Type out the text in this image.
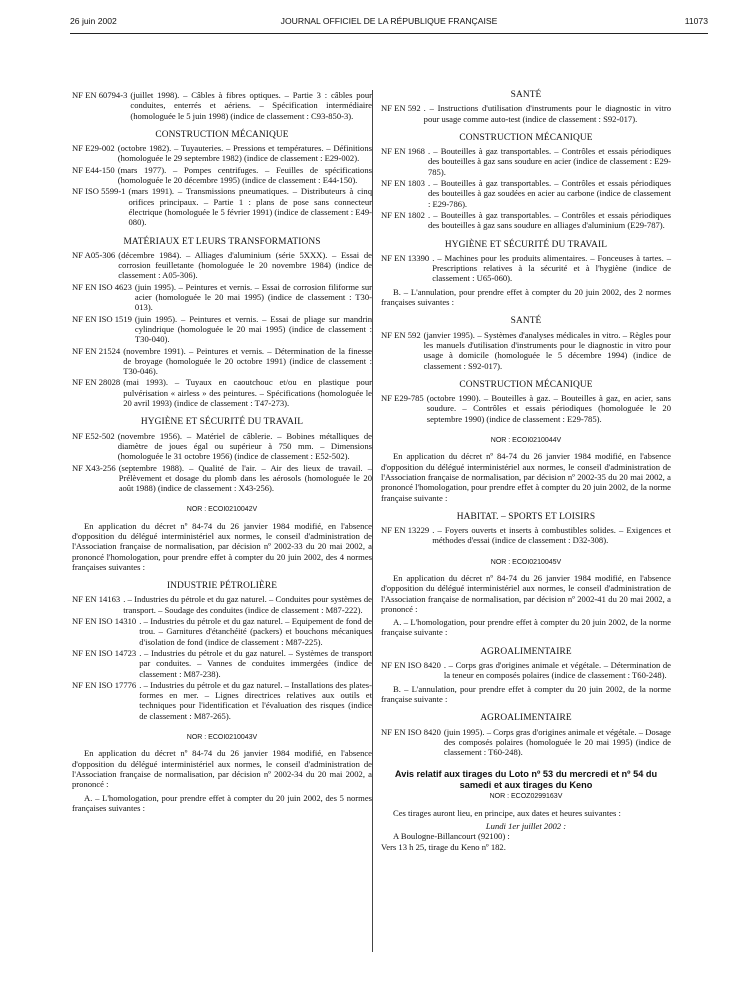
26 juin 2002	JOURNAL OFFICIEL DE LA RÉPUBLIQUE FRANÇAISE	11073
NF EN 60794-3 (juillet 1998). – Câbles à fibres optiques. – Partie 3 : câbles pour conduites, enterrés et aériens. – Spécification intermédiaire (homologuée le 5 juin 1998) (indice de classement : C93-850-3).
CONSTRUCTION MÉCANIQUE
NF E29-002 (octobre 1982). – Tuyauteries. – Pressions et températures. – Définitions (homologuée le 29 septembre 1982) (indice de classement : E29-002).
NF E44-150 (mars 1977). – Pompes centrifuges. – Feuilles de spécifications (homologuée le 20 décembre 1995) (indice de classement : E44-150).
NF ISO 5599-1 (mars 1991). – Transmissions pneumatiques. – Distributeurs à cinq orifices principaux. – Partie 1 : plans de pose sans connecteur électrique (homologuée le 5 février 1991) (indice de classement : E49-080).
MATÉRIAUX ET LEURS TRANSFORMATIONS
NF A05-306 (décembre 1984). – Alliages d'aluminium (série 5XXX). – Essai de corrosion feuilletante (homologuée le 20 novembre 1984) (indice de classement : A05-306).
NF EN ISO 4623 (juin 1995). – Peintures et vernis. – Essai de corrosion filiforme sur acier (homologuée le 20 mai 1995) (indice de classement : T30-013).
NF EN ISO 1519 (juin 1995). – Peintures et vernis. – Essai de pliage sur mandrin cylindrique (homologuée le 20 mai 1995) (indice de classement : T30-040).
NF EN 21524 (novembre 1991). – Peintures et vernis. – Détermination de la finesse de broyage (homologuée le 20 octobre 1991) (indice de classement : T30-046).
NF EN 28028 (mai 1993). – Tuyaux en caoutchouc et/ou en plastique pour pulvérisation « airless » des peintures. – Spécifications (homologuée le 20 avril 1993) (indice de classement : T47-273).
HYGIÈNE ET SÉCURITÉ DU TRAVAIL
NF E52-502 (novembre 1956). – Matériel de câblerie. – Bobines métalliques de diamètre de joues égal ou supérieur à 750 mm. – Dimensions (homologuée le 31 octobre 1956) (indice de classement : E52-502).
NF X43-256 (septembre 1988). – Qualité de l'air. – Air des lieux de travail. – Prélèvement et dosage du plomb dans les aérosols (homologuée le 20 août 1988) (indice de classement : X43-256).
NOR : ECOI0210042V
En application du décret nº 84-74 du 26 janvier 1984 modifié, en l'absence d'opposition du délégué interministériel aux normes, le conseil d'administration de l'Association française de normalisation, par décision nº 2002-33 du 20 mai 2002, a prononcé l'homologation, pour prendre effet à compter du 20 juin 2002, des 4 normes françaises suivantes :
INDUSTRIE PÉTROLIÈRE
NF EN 14163 . – Industries du pétrole et du gaz naturel. – Conduites pour systèmes de transport. – Soudage des conduites (indice de classement : M87-222).
NF EN ISO 14310 . – Industries du pétrole et du gaz naturel. – Equipement de fond de trou. – Garnitures d'étanchéité (packers) et bouchons mécaniques d'isolation de fond (indice de classement : M87-225).
NF EN ISO 14723 . – Industries du pétrole et du gaz naturel. – Systèmes de transport par conduites. – Vannes de conduites immergées (indice de classement : M87-238).
NF EN ISO 17776 . – Industries du pétrole et du gaz naturel. – Installations des plates-formes en mer. – Lignes directrices relatives aux outils et techniques pour l'identification et l'évaluation des risques (indice de classement : M87-265).
NOR : ECOI0210043V
En application du décret nº 84-74 du 26 janvier 1984 modifié, en l'absence d'opposition du délégué interministériel aux normes, le conseil d'administration de l'Association française de normalisation, par décision nº 2002-34 du 20 mai 2002, a prononcé :
A. – L'homologation, pour prendre effet à compter du 20 juin 2002, des 5 normes françaises suivantes :
SANTÉ
NF EN 592 . – Instructions d'utilisation d'instruments pour le diagnostic in vitro pour usage comme auto-test (indice de classement : S92-017).
CONSTRUCTION MÉCANIQUE
NF EN 1968 . – Bouteilles à gaz transportables. – Contrôles et essais périodiques des bouteilles à gaz sans soudure en acier (indice de classement : E29-785).
NF EN 1803 . – Bouteilles à gaz transportables. – Contrôles et essais périodiques des bouteilles à gaz soudées en acier au carbone (indice de classement : E29-786).
NF EN 1802 . – Bouteilles à gaz transportables. – Contrôles et essais périodiques des bouteilles à gaz sans soudure en alliages d'aluminium (E29-787).
HYGIÈNE ET SÉCURITÉ DU TRAVAIL
NF EN 13390 . – Machines pour les produits alimentaires. – Fonceuses à tartes. – Prescriptions relatives à la sécurité et à l'hygiène (indice de classement : U65-060).
B. – L'annulation, pour prendre effet à compter du 20 juin 2002, des 2 normes françaises suivantes :
SANTÉ
NF EN 592 (janvier 1995). – Systèmes d'analyses médicales in vitro. – Règles pour les manuels d'utilisation d'instruments pour le diagnostic in vitro pour usage à domicile (homologuée le 5 décembre 1994) (indice de classement : S92-017).
CONSTRUCTION MÉCANIQUE
NF E29-785 (octobre 1990). – Bouteilles à gaz. – Bouteilles à gaz, en acier, sans soudure. – Contrôles et essais périodiques (homologuée le 20 septembre 1990) (indice de classement : E29-785).
NOR : ECOI0210044V
En application du décret nº 84-74 du 26 janvier 1984 modifié, en l'absence d'opposition du délégué interministériel aux normes, le conseil d'administration de l'Association française de normalisation, par décision nº 2002-35 du 20 mai 2002, a prononcé l'homologation, pour prendre effet à compter du 20 juin 2002, de la norme française suivante :
HABITAT. – SPORTS ET LOISIRS
NF EN 13229 . – Foyers ouverts et inserts à combustibles solides. – Exigences et méthodes d'essai (indice de classement : D32-308).
NOR : ECOI0210045V
En application du décret nº 84-74 du 26 janvier 1984 modifié, en l'absence d'opposition du délégué interministériel aux normes, le conseil d'administration de l'Association française de normalisation, par décision nº 2002-41 du 20 mai 2002, a prononcé :
A. – L'homologation, pour prendre effet à compter du 20 juin 2002, de la norme française suivante :
AGROALIMENTAIRE
NF EN ISO 8420 . – Corps gras d'origines animale et végétale. – Détermination de la teneur en composés polaires (indice de classement : T60-248).
B. – L'annulation, pour prendre effet à compter du 20 juin 2002, de la norme française suivante :
AGROALIMENTAIRE
NF EN ISO 8420 (juin 1995). – Corps gras d'origines animale et végétale. – Dosage des composés polaires (homologuée le 20 mai 1995) (indice de classement : T60-248).
Avis relatif aux tirages du Loto nº 53 du mercredi et nº 54 du samedi et aux tirages du Keno
NOR : ECOZ0299163V
Ces tirages auront lieu, en principe, aux dates et heures suivantes :
Lundi 1er juillet 2002 :
A Boulogne-Billancourt (92100) :
Vers 13 h 25, tirage du Keno nº 182.
